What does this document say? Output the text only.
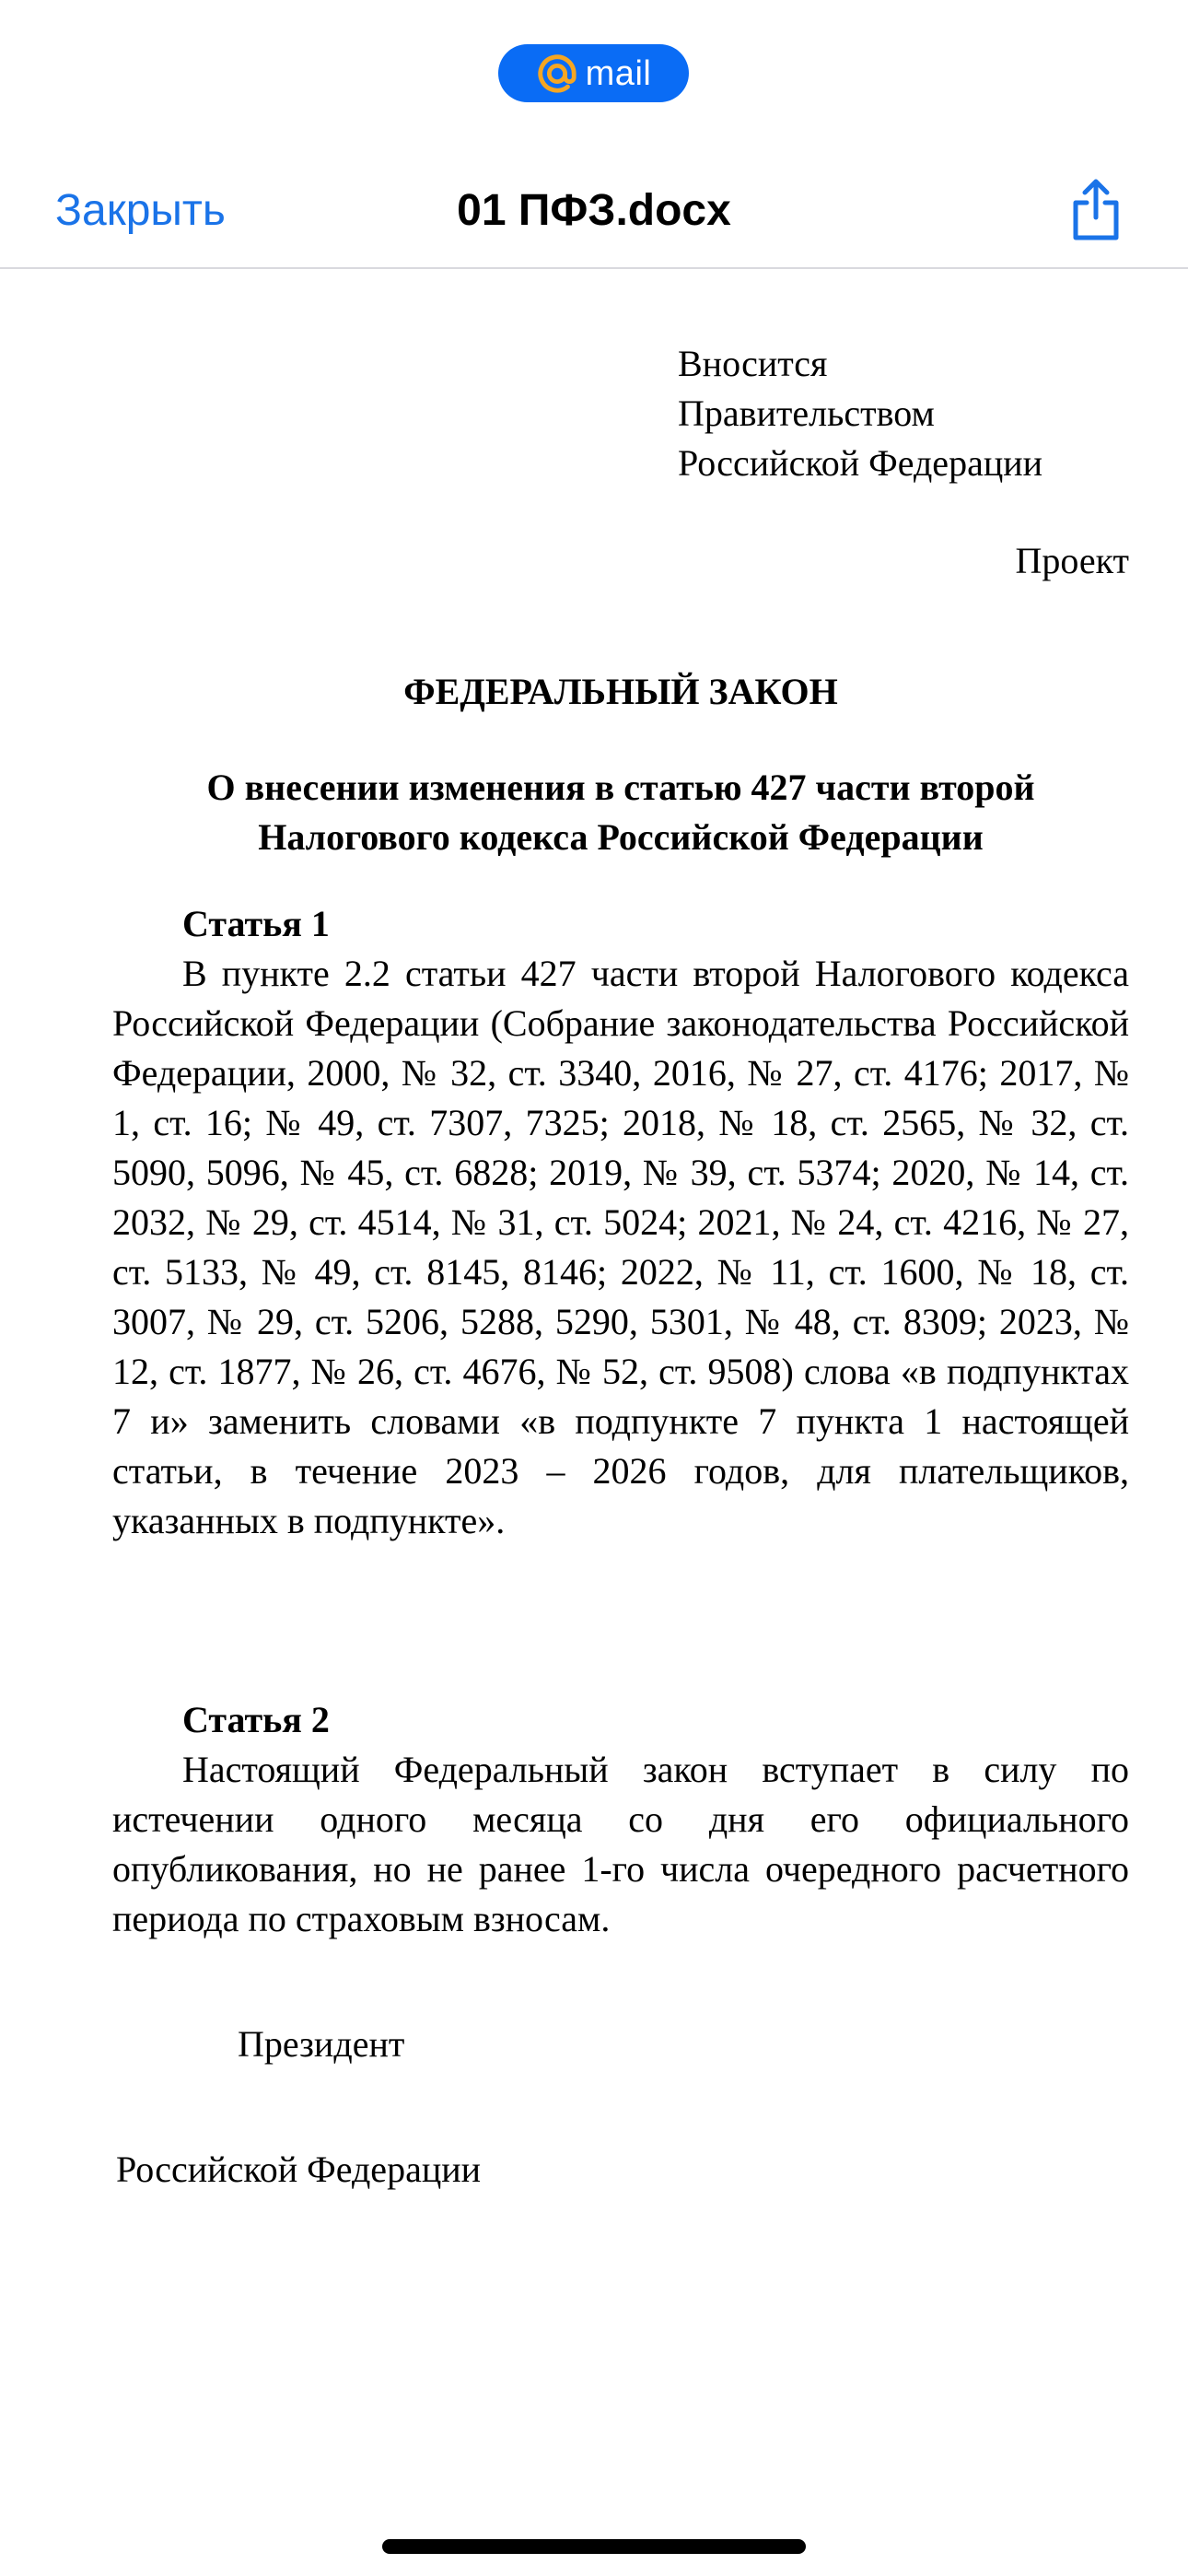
mail
Закрыть	01 ПФЗ.docx
Вносится
Правительством
Российской Федерации

Проект

ФЕДЕРАЛЬНЫЙ ЗАКОН

О внесении изменения в статью 427 части второй
Налогового кодекса Российской Федерации

Статья 1

В пункте 2.2 статьи 427 части второй Налогового кодекса Российской Федерации (Собрание законодательства Российской Федерации, 2000, № 32, ст. 3340, 2016, № 27, ст. 4176; 2017, № 1, ст. 16; № 49, ст. 7307, 7325; 2018, № 18, ст. 2565, № 32, ст. 5090, 5096, № 45, ст. 6828; 2019, № 39, ст. 5374; 2020, № 14, ст. 2032, № 29, ст. 4514, № 31, ст. 5024; 2021, № 24, ст. 4216, № 27, ст. 5133, № 49, ст. 8145, 8146; 2022, № 11, ст. 1600, № 18, ст. 3007, № 29, ст. 5206, 5288, 5290, 5301, № 48, ст. 8309; 2023, № 12, ст. 1877, № 26, ст. 4676, № 52, ст. 9508) слова «в подпунктах 7 и» заменить словами «в подпункте 7 пункта 1 настоящей статьи, в течение 2023 – 2026 годов, для плательщиков, указанных в подпункте».

Статья 2

Настоящий Федеральный закон вступает в силу по истечении одного месяца со дня его официального опубликования, но не ранее 1-го числа очередного расчетного периода по страховым взносам.

Президент

Российской Федерации
